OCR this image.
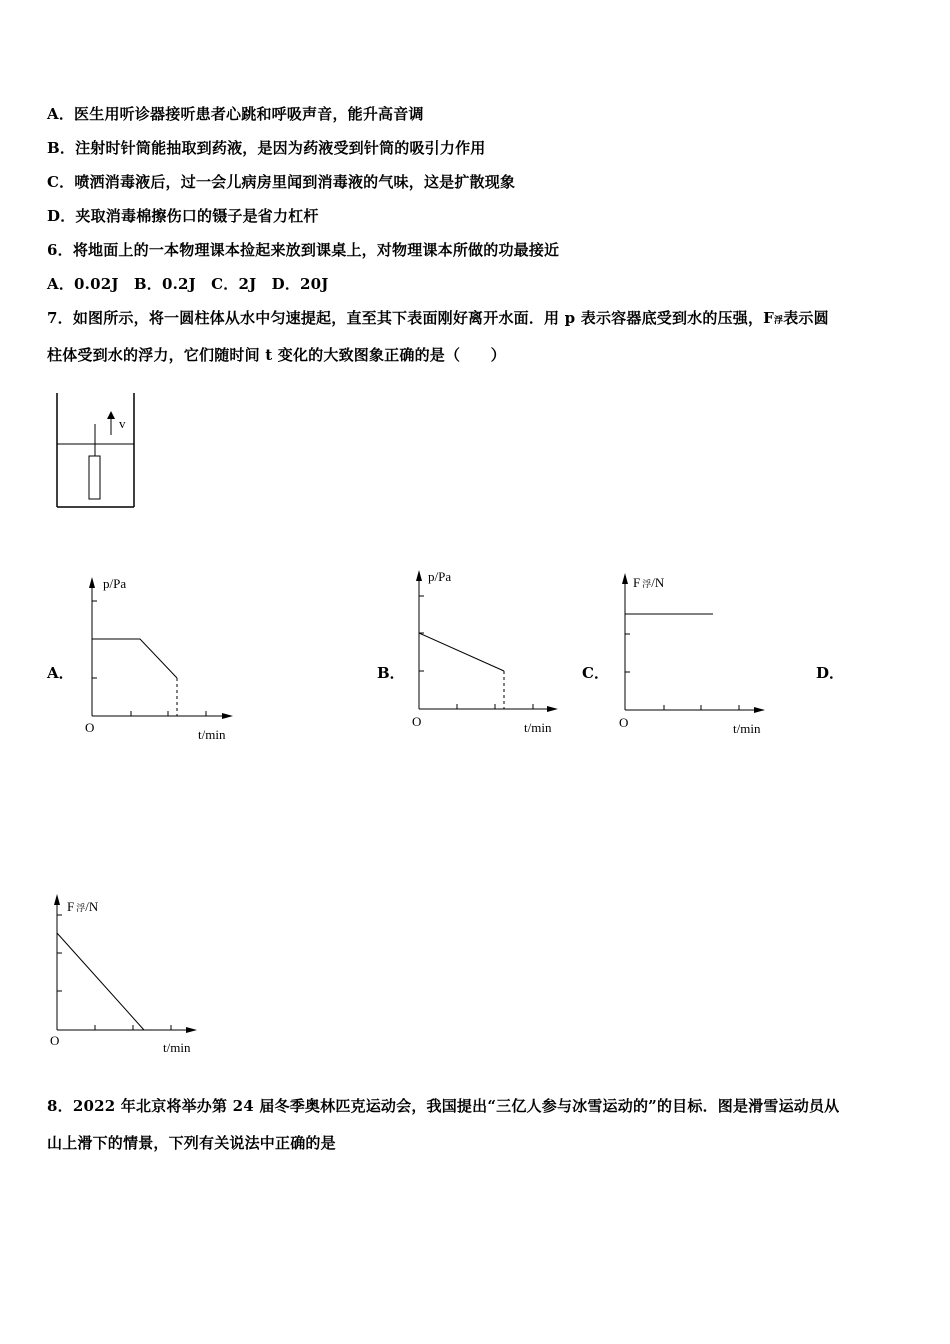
A．医生用听诊器接听患者心跳和呼吸声音，能升高音调
B．注射时针筒能抽取到药液，是因为药液受到针筒的吸引力作用
C．喷洒消毒液后，过一会儿病房里闻到消毒液的气味，这是扩散现象
D．夹取消毒棉擦伤口的镊子是省力杠杆
6．将地面上的一本物理课本捡起来放到课桌上，对物理课本所做的功最接近
A．0.02J　B．0.2J　C．2J　D．20J
7．如图所示，将一圆柱体从水中匀速提起，直至其下表面刚好离开水面．用 p 表示容器底受到水的压强，F浮表示圆
柱体受到水的浮力，它们随时间 t 变化的大致图象正确的是（　　）
v
A．	B．	C．	D．
p/Pa
O	t/min
p/Pa
O	t/min
F 浮/N
O	t/min
F 浮/N
O	t/min
8．2022 年北京将举办第 24 届冬季奥林匹克运动会，我国提出“三亿人参与冰雪运动的”的目标．图是滑雪运动员从
山上滑下的情景，下列有关说法中正确的是
